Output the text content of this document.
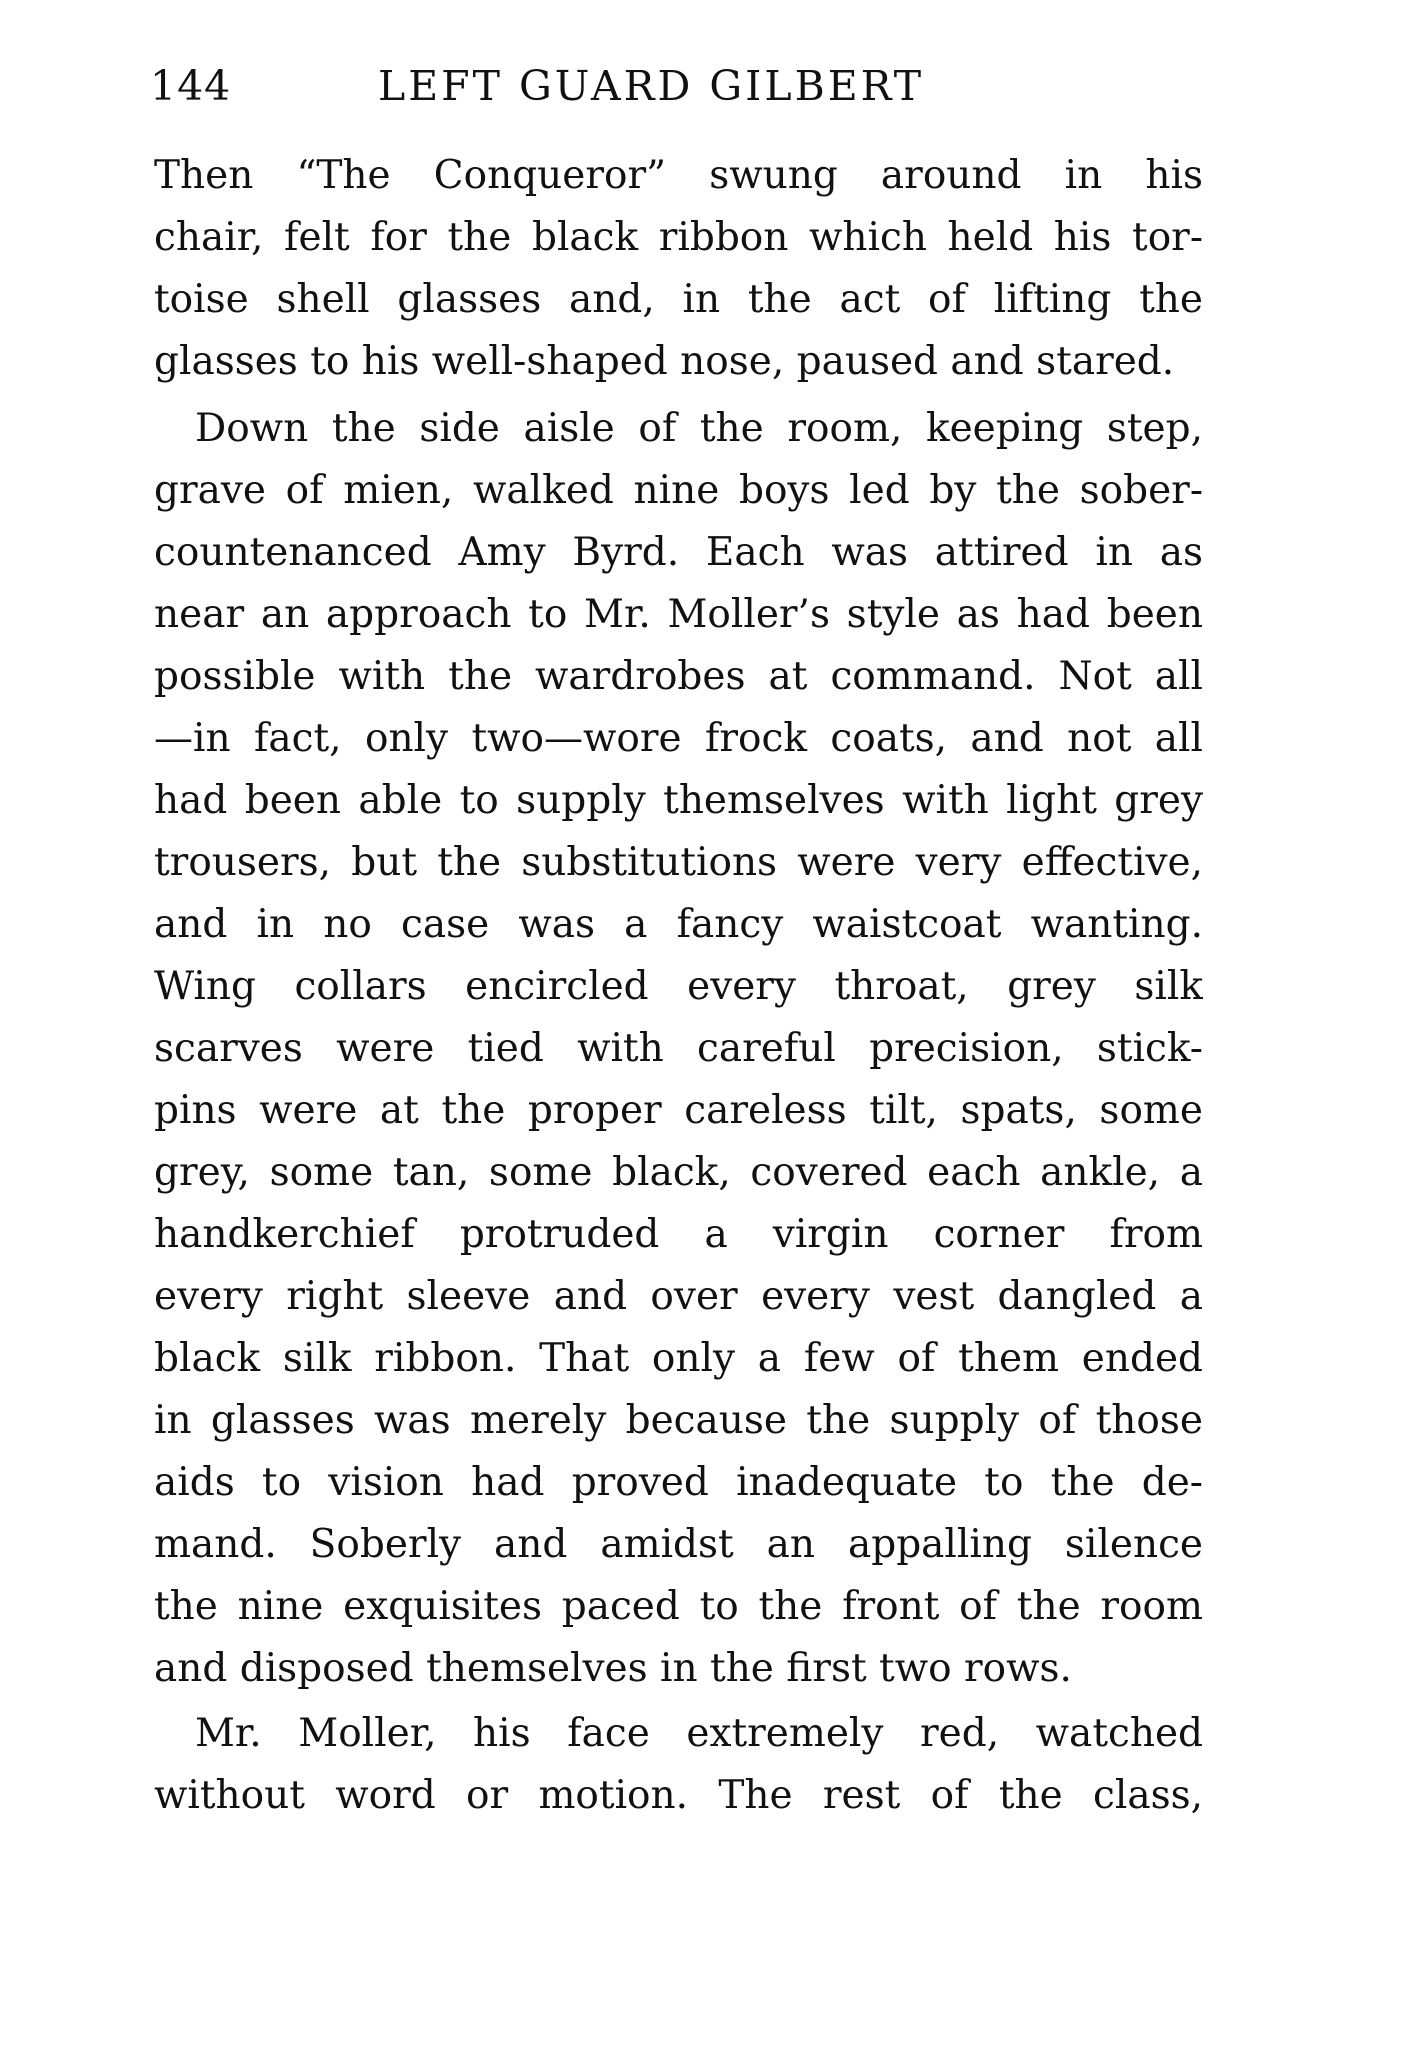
144	LEFT GUARD GILBERT
Then “The Conqueror” swung around in his
chair, felt for the black ribbon which held his tor-
toise shell glasses and, in the act of lifting the
glasses to his well-shaped nose, paused and stared.
Down the side aisle of the room, keeping step,
grave of mien, walked nine boys led by the sober-
countenanced Amy Byrd. Each was attired in as
near an approach to Mr. Moller’s style as had been
possible with the wardrobes at command. Not all
—in fact, only two—wore frock coats, and not all
had been able to supply themselves with light grey
trousers, but the substitutions were very effective,
and in no case was a fancy waistcoat wanting.
Wing collars encircled every throat, grey silk
scarves were tied with careful precision, stick-
pins were at the proper careless tilt, spats, some
grey, some tan, some black, covered each ankle, a
handkerchief protruded a virgin corner from
every right sleeve and over every vest dangled a
black silk ribbon. That only a few of them ended
in glasses was merely because the supply of those
aids to vision had proved inadequate to the de-
mand. Soberly and amidst an appalling silence
the nine exquisites paced to the front of the room
and disposed themselves in the first two rows.
Mr. Moller, his face extremely red, watched
without word or motion. The rest of the class,
